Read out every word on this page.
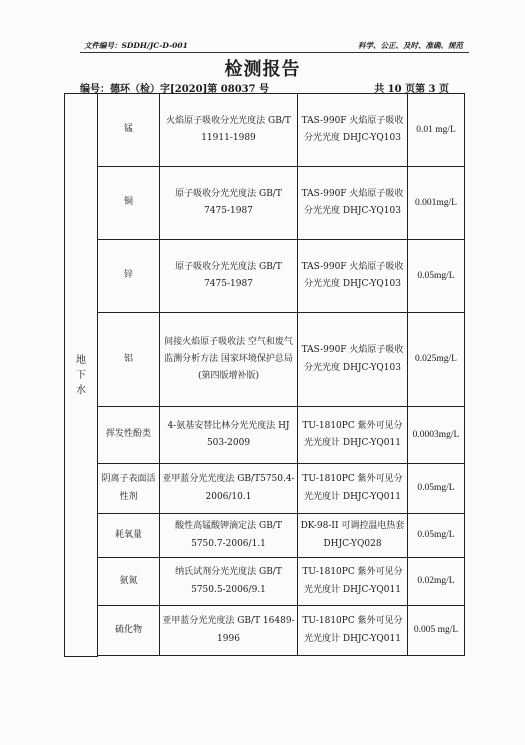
文件编号：SDDH/JC-D-001	科学、公正、及时、准确、规范
检测报告
编号：德环（检）字[2020]第 08037 号	共 10 页第 3 页
地
下
水	锰	火焰原子吸收分光光度法 GB/T 11911-1989	TAS-990F 火焰原子吸收分光光度 DHJC-YQ103	0.01 mg/L
	铜	原子吸收分光光度法 GB/T 7475-1987	TAS-990F 火焰原子吸收分光光度 DHJC-YQ103	0.001mg/L
	锌	原子吸收分光光度法 GB/T 7475-1987	TAS-990F 火焰原子吸收分光光度 DHJC-YQ103	0.05mg/L
	铝	间接火焰原子吸收法 空气和废气监测分析方法 国家环境保护总局(第四版增补版)	TAS-990F 火焰原子吸收分光光度 DHJC-YQ103	0.025mg/L
	挥发性酚类	4-氨基安替比林分光光度法 HJ 503-2009	TU-1810PC 紫外可见分光光度计 DHJC-YQ011	0.0003mg/L
	阴离子表面活性剂	亚甲蓝分光光度法 GB/T5750.4-2006/10.1	TU-1810PC 紫外可见分光光度计 DHJC-YQ011	0.05mg/L
	耗氧量	酸性高锰酸钾滴定法 GB/T 5750.7-2006/1.1	DK-98-II 可调控温电热套 DHJC-YQ028	0.05mg/L
	氨氮	纳氏试剂分光光度法 GB/T 5750.5-2006/9.1	TU-1810PC 紫外可见分光光度计 DHJC-YQ011	0.02mg/L
	硫化物	亚甲蓝分光光度法 GB/T 16489-1996	TU-1810PC 紫外可见分光光度计 DHJC-YQ011	0.005 mg/L
